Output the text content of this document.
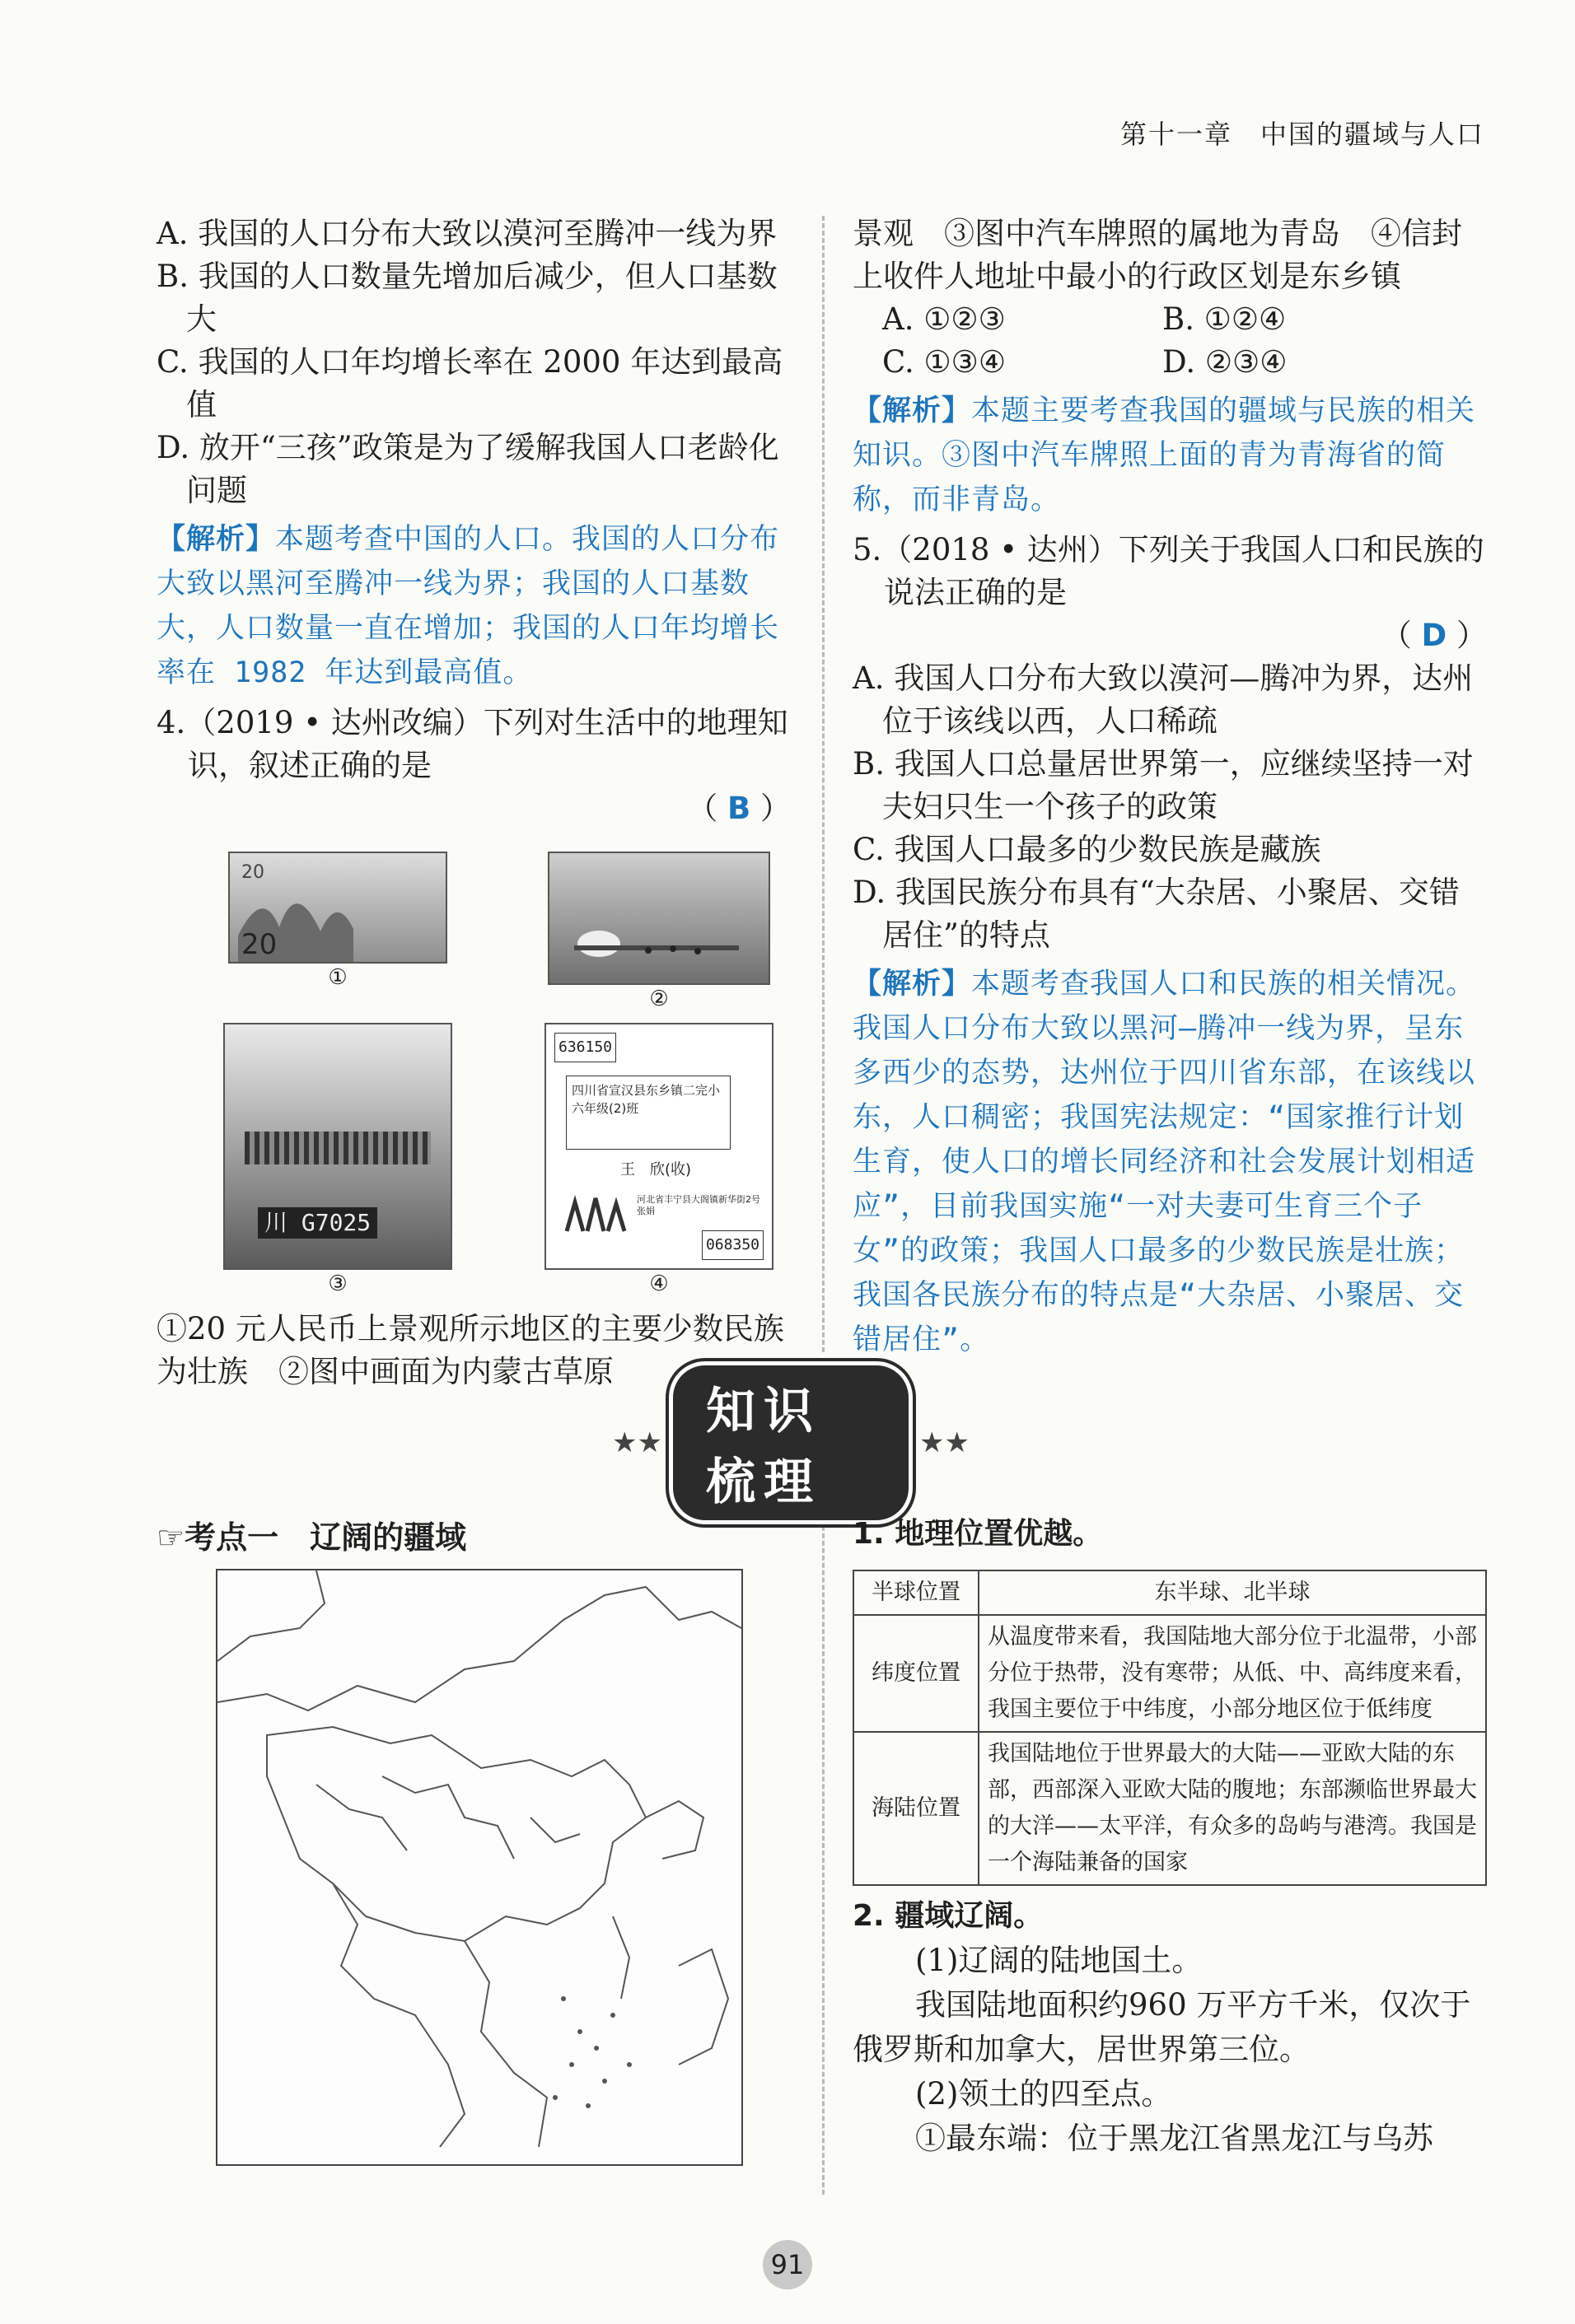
第十一章　中国的疆域与人口

A. 我国的人口分布大致以漠河至腾冲一线为界

B. 我国的人口数量先增加后减少，但人口基数大

C. 我国的人口年均增长率在 2000 年达到最高值

D. 放开“三孩”政策是为了缓解我国人口老龄化问题

【解析】本题考查中国的人口。我国的人口分布大致以黑河至腾冲一线为界；我国的人口基数大，人口数量一直在增加；我国的人口年均增长率在 1982 年达到最高值。

4.（2019 • 达州改编）下列对生活中的地理知识，叙述正确的是

（ B ）
20
20
①
②
川 G7025
③
636150
四川省宣汉县东乡镇二完小六年级(2)班
王　欣(收)
河北省丰宁县大阁镇新华街2号张娟
068350
④

①20 元人民币上景观所示地区的主要少数民族为壮族　②图中画面为内蒙古草原

景观　③图中汽车牌照的属地为青岛　④信封上收件人地址中最小的行政区划是东乡镇

A. ①②③	B. ①②④
C. ①③④	D. ②③④
【解析】本题主要考查我国的疆域与民族的相关知识。③图中汽车牌照上面的青为青海省的简称，而非青岛。

5.（2018 • 达州）下列关于我国人口和民族的说法正确的是

（ D ）

A. 我国人口分布大致以漠河—腾冲为界，达州位于该线以西，人口稀疏

B. 我国人口总量居世界第一，应继续坚持一对夫妇只生一个孩子的政策

C. 我国人口最多的少数民族是藏族

D. 我国民族分布具有“大杂居、小聚居、交错居住”的特点

【解析】本题考查我国人口和民族的相关情况。我国人口分布大致以黑河—腾冲一线为界，呈东多西少的态势，达州位于四川省东部，在该线以东，人口稠密；我国宪法规定：“国家推行计划生育，使人口的增长同经济和社会发展计划相适应”，目前我国实施“一对夫妻可生育三个子女”的政策；我国人口最多的少数民族是壮族；我国各民族分布的特点是“大杂居、小聚居、交错居住”。
★★
知识梳理
★★
☞考点一　辽阔的疆域	1. 地理位置优越。

半球位置	东半球、北半球
纬度位置	从温度带来看，我国陆地大部分位于北温带，小部分位于热带，没有寒带；从低、中、高纬度来看，我国主要位于中纬度，小部分地区位于低纬度
海陆位置	我国陆地位于世界最大的大陆——亚欧大陆的东部，西部深入亚欧大陆的腹地；东部濒临世界最大的大洋——太平洋，有众多的岛屿与港湾。我国是一个海陆兼备的国家

2. 疆域辽阔。

(1)辽阔的陆地国土。

我国陆地面积约960 万平方千米，仅次于俄罗斯和加拿大，居世界第三位。

(2)领土的四至点。

①最东端：位于黑龙江省黑龙江与乌苏

91
